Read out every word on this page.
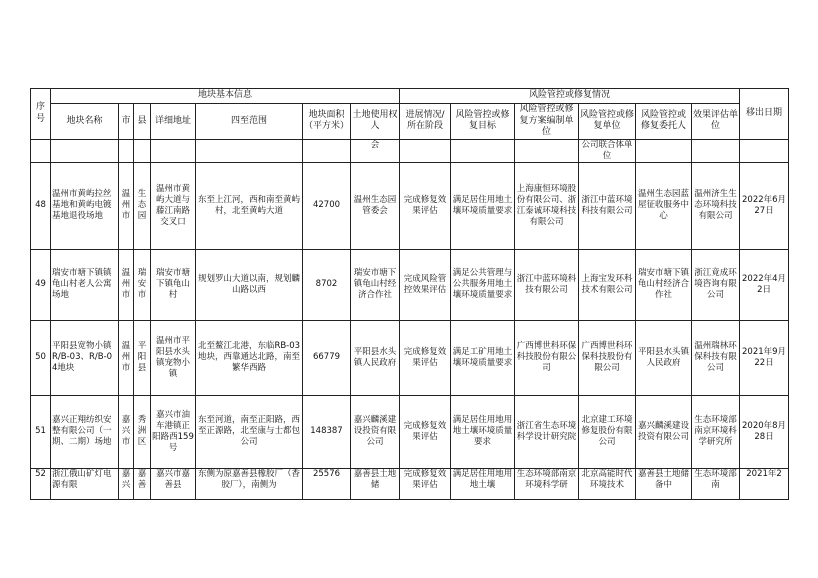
序号	地块基本信息							风险管控或修复情况						移出日期
	地块名称	市	县	详细地址	四至范围	地块面积（平方米）	土地使用权人	进展情况/所在阶段	风险管控或修复目标	风险管控或修复方案编制单位	风险管控或修复单位	风险管控或修复委托人	效果评估单位	
							会				公司联合体单位			
48	温州市黄屿拉丝基地和黄屿电镀基地退役场地	温州市	生态园	温州市黄屿大道与藤江南路交叉口	东至上江河，西和南至黄屿村，北至黄屿大道	42700	温州生态园管委会	完成修复效果评估	满足居住用地土壤环境质量要求	上海康恒环境股份有限公司、浙江泰诚环境科技有限公司	浙江中蓝环境科技有限公司	温州生态园蓝屋征收服务中心	温州济生生态环境科技有限公司	2022年6月27日
49	瑞安市塘下镇镇龟山村老人公寓场地	温州市	瑞安市	瑞安市塘下镇龟山村	规划罗山大道以南，规划麟山路以西	8702	瑞安市塘下镇龟山村经济合作社	完成风险管控效果评估	满足公共管理与公共服务用地土壤环境质量要求	浙江中蓝环境科技有限公司	上海宝发环科技术有限公司	瑞安市塘下镇龟山村经济合作社	浙江竟成环境咨询有限公司	2022年4月2日
50	平阳县宽物小镇R/B-03、R/B-04地块	温州市	平阳县	温州市平阳县水头镇宠物小镇	北至鳌江北港，东临RB-03地块，西靠通达北路，南至繁华西路	66779	平阳县水头镇人民政府	完成修复效果评估	满足工矿用地土壤环境质量要求	广西博世科环保科技股份有限公司	广西博世科环保科技股份有限公司	平阳县水头镇人民政府	温州瑞林环保科技有限公司	2021年9月22日
51	嘉兴正翔纺织安整有限公司（一期、二期）场地	嘉兴市	秀洲区	嘉兴市油车港镇正阳路西159号	东至河道，南至正阳路，西至正源路，北至康与士都包公司	148387	嘉兴麟溪建设投资有限公司	完成修复效果评估	满足居住用地用地土壤环境质量要求	浙江省生态环境科学设计研究院	北京建工环境修复股份有限公司	嘉兴麟溪建设投资有限公司	生态环境部南京环境科学研究所	2020年8月28日
52	浙江俄山矿灯电源有限	嘉兴	嘉善	嘉兴市嘉善县	东侧为原嘉善县橡胶厂（香胶厂），南侧为	25576	嘉善县土地储	完成修复效果评估	满足居住用地用地土壤	生态环境部南京环境科学研	北京高能时代环境技术	嘉善县土地储备中	生态环境部南	2021年2
